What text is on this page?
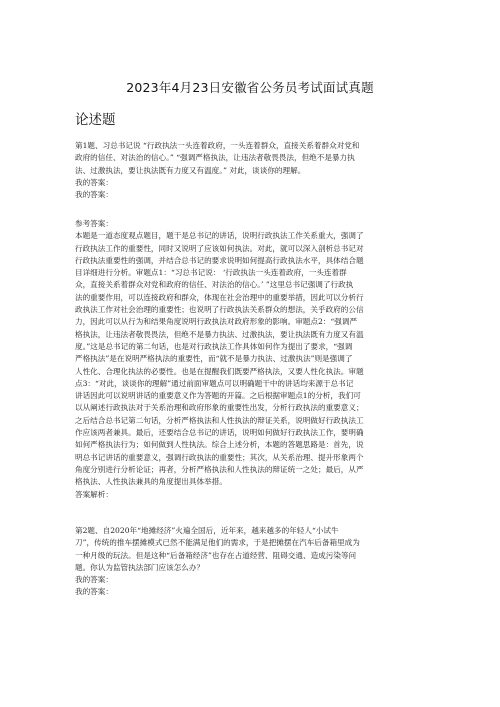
2023年4月23日安徽省公务员考试面试真题
论述题
第1题、习总书记说 “行政执法一头连着政府，一头连着群众，直接关系着群众对党和
政府的信任、对法治的信心。” “强调严格执法，让违法者敬畏畏法，但绝不是暴力执
法、过激执法，要让执法既有力度又有温度。” 对此，谈谈你的理解。
我的答案：
我的答案：
参考答案：
本题是一道态度观点题目，题干是总书记的讲话，说明行政执法工作关系重大，强调了
行政执法工作的重要性，同时又说明了应该如何执法。对此，就可以深入剖析总书记对
行政执法重要性的强调，并结合总书记的要求说明如何提高行政执法水平，具体结合题
目详细进行分析。审题点1：“习总书记说： ‘行政执法一头连着政府，一头连着群
众，直接关系着群众对党和政府的信任、对法治的信心。’ ”这里总书记强调了行政执
法的重要作用，可以连接政府和群众，体现在社会治理中的重要举措，因此可以分析行
政执法工作对社会治理的重要性；也说明了行政执法关系群众的想法，关乎政府的公信
力，因此可以从行为和结果角度说明行政执法对政府形象的影响。审题点2：“强调严
格执法，让违法者敬畏畏法，但绝不是暴力执法、过激执法，要让执法既有力度又有温
度。”这是总书记的第二句话，也是对行政执法工作具体如何作为提出了要求，“强调
严格执法”是在说明严格执法的重要性，而“就不是暴力执法、过激执法”则是强调了
人性化、合理化执法的必要性。也是在提醒我们既要严格执法，又要人性化执法。审题
点3：“对此，谈谈你的理解”通过前面审题点可以明确题干中的讲话均来源于总书记
讲话因此可以说明讲话的重要意义作为答题的开篇。之后根据审题点1的分析，我们可
以从阐述行政执法对于关系治理和政府形象的重要性出发，分析行政执法的重要意义；
之后结合总书记第二句话，分析严格执法和人性执法的辩证关系，说明做好行政执法工
作应该两者兼具。最后，还要结合总书记的讲话，说明如何做好行政执法工作，要明确
如何严格执法行为；如何做到人性执法。综合上述分析，本题的答题思路是：首先，说
明总书记讲话的重要意义，强调行政执法的重要性；其次，从关系治理、提升形象两个
角度分别进行分析论证；再者，分析严格执法和人性执法的辩证统一之处；最后，从严
格执法、人性执法兼具的角度提出具体举措。
答案解析：
第2题、自2020年“地摊经济”火遍全国后，近年来，越来越多的年轻人“小试牛
刀”，传统的推车摆摊模式已然不能满足他们的需求，于是把摊摆在汽车后备箱里成为
一种月级的玩法。但是这种“后备箱经济”也存在占道经营、阻碍交通、造成污染等问
题。你认为监管执法部门应该怎么办？
我的答案：
我的答案：
